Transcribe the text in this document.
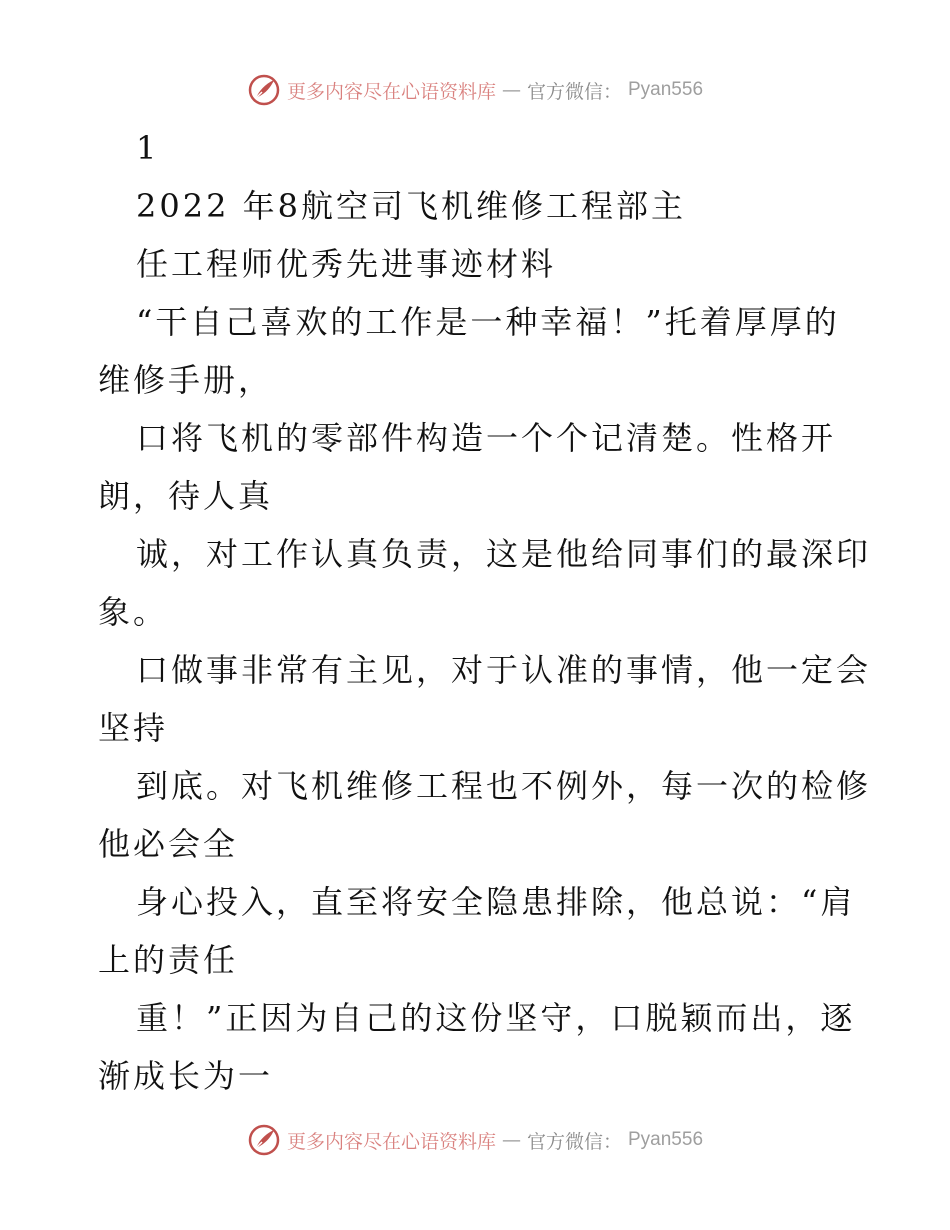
更多内容尽在心语资料库 — 官方微信： Pyan556
1
2022 年8航空司飞机维修工程部主
任工程师优秀先进事迹材料
“干自己喜欢的工作是一种幸福！”托着厚厚的
维修手册，
口将飞机的零部件构造一个个记清楚。性格开
朗，待人真
诚，对工作认真负责，这是他给同事们的最深印
象。
口做事非常有主见，对于认准的事情，他一定会
坚持
到底。对飞机维修工程也不例外，每一次的检修
他必会全
身心投入，直至将安全隐患排除，他总说：“肩
上的责任
重！”正因为自己的这份坚守，口脱颖而出，逐
渐成长为一
更多内容尽在心语资料库 — 官方微信： Pyan556
